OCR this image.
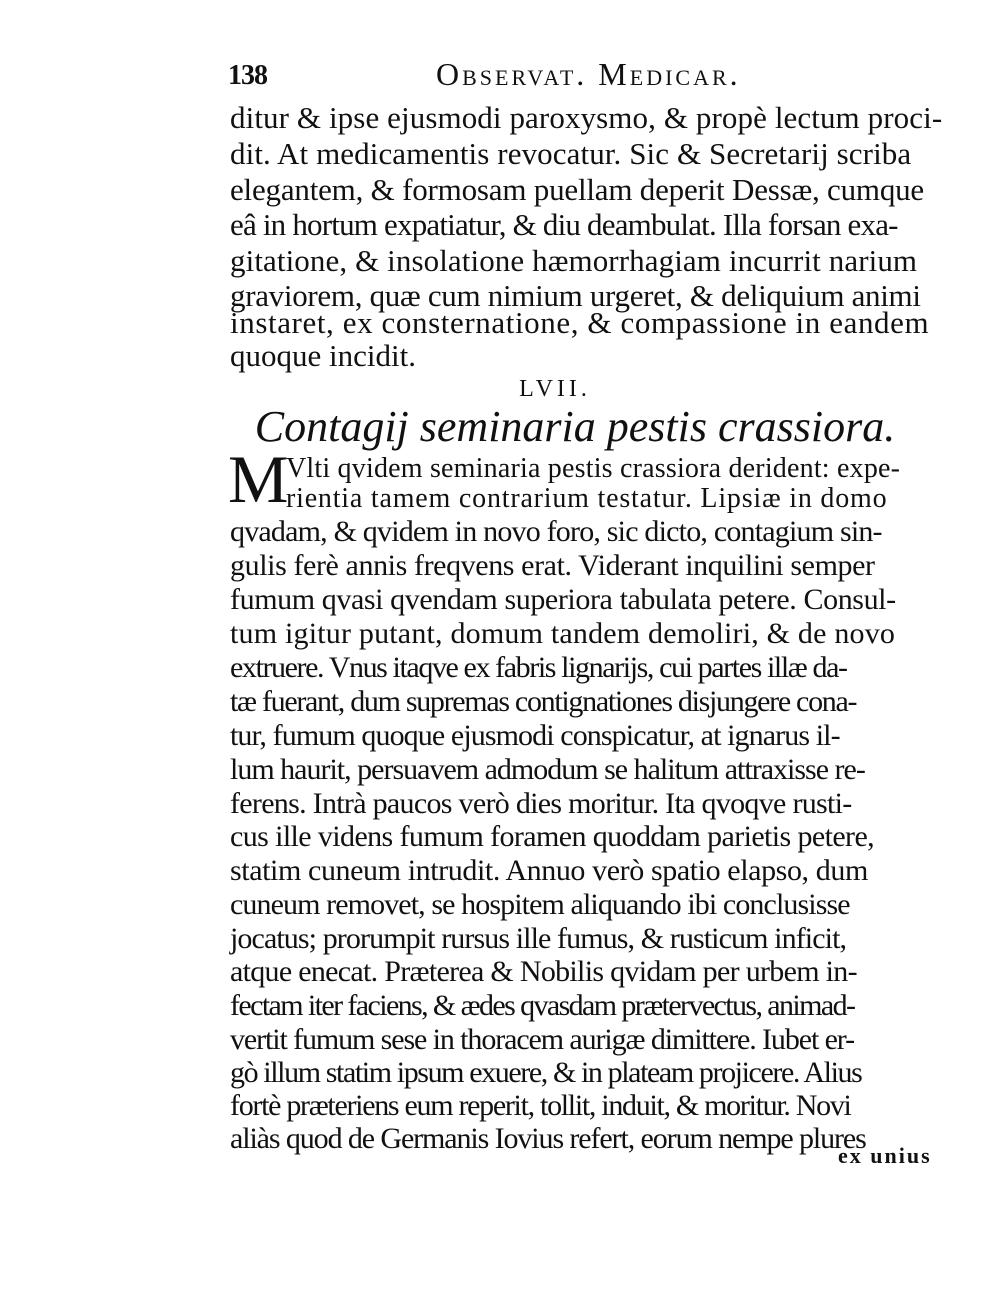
138	Observat. Medicar.
ditur & ipse ejusmodi paroxysmo, & propè lectum proci-
dit. At medicamentis revocatur. Sic & Secretarij scriba
elegantem, & formosam puellam deperit Dessæ, cumque
eâ in hortum expatiatur, & diu deambulat. Illa forsan exa-
gitatione, & insolatione hæmorrhagiam incurrit narium
graviorem, quæ cum nimium urgeret, & deliquium animi
instaret, ex consternatione, & compassione in eandem
quoque incidit.
LVII.
Contagij seminaria pestis crassiora.
M
Vlti qvidem seminaria pestis crassiora derident: expe-
rientia tamem contrarium testatur. Lipsiæ in domo
qvadam, & qvidem in novo foro, sic dicto, contagium sin-
gulis ferè annis freqvens erat. Viderant inquilini semper
fumum qvasi qvendam superiora tabulata petere. Consul-
tum igitur putant, domum tandem demoliri, & de novo
extruere. Vnus itaqve ex fabris lignarijs, cui partes illæ da-
tæ fuerant, dum supremas contignationes disjungere cona-
tur, fumum quoque ejusmodi conspicatur, at ignarus il-
lum haurit, persuavem admodum se halitum attraxisse re-
ferens. Intrà paucos verò dies moritur. Ita qvoqve rusti-
cus ille videns fumum foramen quoddam parietis petere,
statim cuneum intrudit. Annuo verò spatio elapso, dum
cuneum removet, se hospitem aliquando ibi conclusisse
jocatus; prorumpit rursus ille fumus, & rusticum inficit,
atque enecat. Præterea & Nobilis qvidam per urbem in-
fectam iter faciens, & ædes qvasdam prætervectus, animad-
vertit fumum sese in thoracem aurigæ dimittere. Iubet er-
gò illum statim ipsum exuere, & in plateam projicere. Alius
fortè præteriens eum reperit, tollit, induit, & moritur. Novi
aliàs quod de Germanis Iovius refert, eorum nempe plures
ex unius
